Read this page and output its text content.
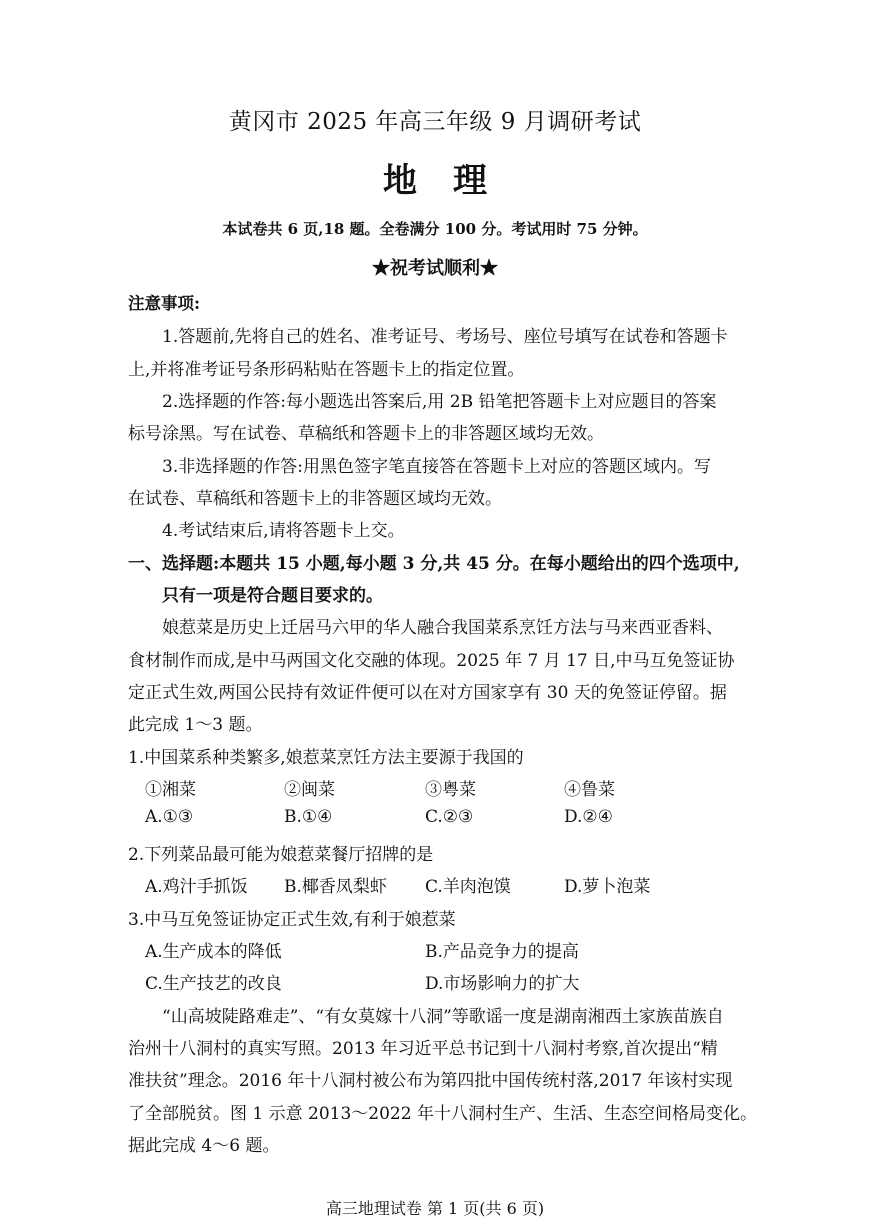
黄冈市 2025 年高三年级 9 月调研考试
地理
本试卷共 6 页,18 题。全卷满分 100 分。考试用时 75 分钟。
★祝考试顺利★
注意事项:
1.答题前,先将自己的姓名、准考证号、考场号、座位号填写在试卷和答题卡
上,并将准考证号条形码粘贴在答题卡上的指定位置。
2.选择题的作答:每小题选出答案后,用 2B 铅笔把答题卡上对应题目的答案
标号涂黑。写在试卷、草稿纸和答题卡上的非答题区域均无效。
3.非选择题的作答:用黑色签字笔直接答在答题卡上对应的答题区域内。写
在试卷、草稿纸和答题卡上的非答题区域均无效。
4.考试结束后,请将答题卡上交。
一、选择题:本题共 15 小题,每小题 3 分,共 45 分。在每小题给出的四个选项中,
只有一项是符合题目要求的。
娘惹菜是历史上迁居马六甲的华人融合我国菜系烹饪方法与马来西亚香料、
食材制作而成,是中马两国文化交融的体现。2025 年 7 月 17 日,中马互免签证协
定正式生效,两国公民持有效证件便可以在对方国家享有 30 天的免签证停留。据
此完成 1～3 题。
1.中国菜系种类繁多,娘惹菜烹饪方法主要源于我国的
①湘菜	②闽菜	③粤菜	④鲁菜
A.①③	B.①④	C.②③	D.②④
2.下列菜品最可能为娘惹菜餐厅招牌的是
A.鸡汁手抓饭 B.椰香凤梨虾 C.羊肉泡馍	D.萝卜泡菜
3.中马互免签证协定正式生效,有利于娘惹菜
A.生产成本的降低	B.产品竞争力的提高
C.生产技艺的改良	D.市场影响力的扩大
“山高坡陡路难走”、“有女莫嫁十八洞”等歌谣一度是湖南湘西土家族苗族自
治州十八洞村的真实写照。2013 年习近平总书记到十八洞村考察,首次提出“精
准扶贫”理念。2016 年十八洞村被公布为第四批中国传统村落,2017 年该村实现
了全部脱贫。图 1 示意 2013～2022 年十八洞村生产、生活、生态空间格局变化。
据此完成 4～6 题。
高三地理试卷 第 1 页(共 6 页)
